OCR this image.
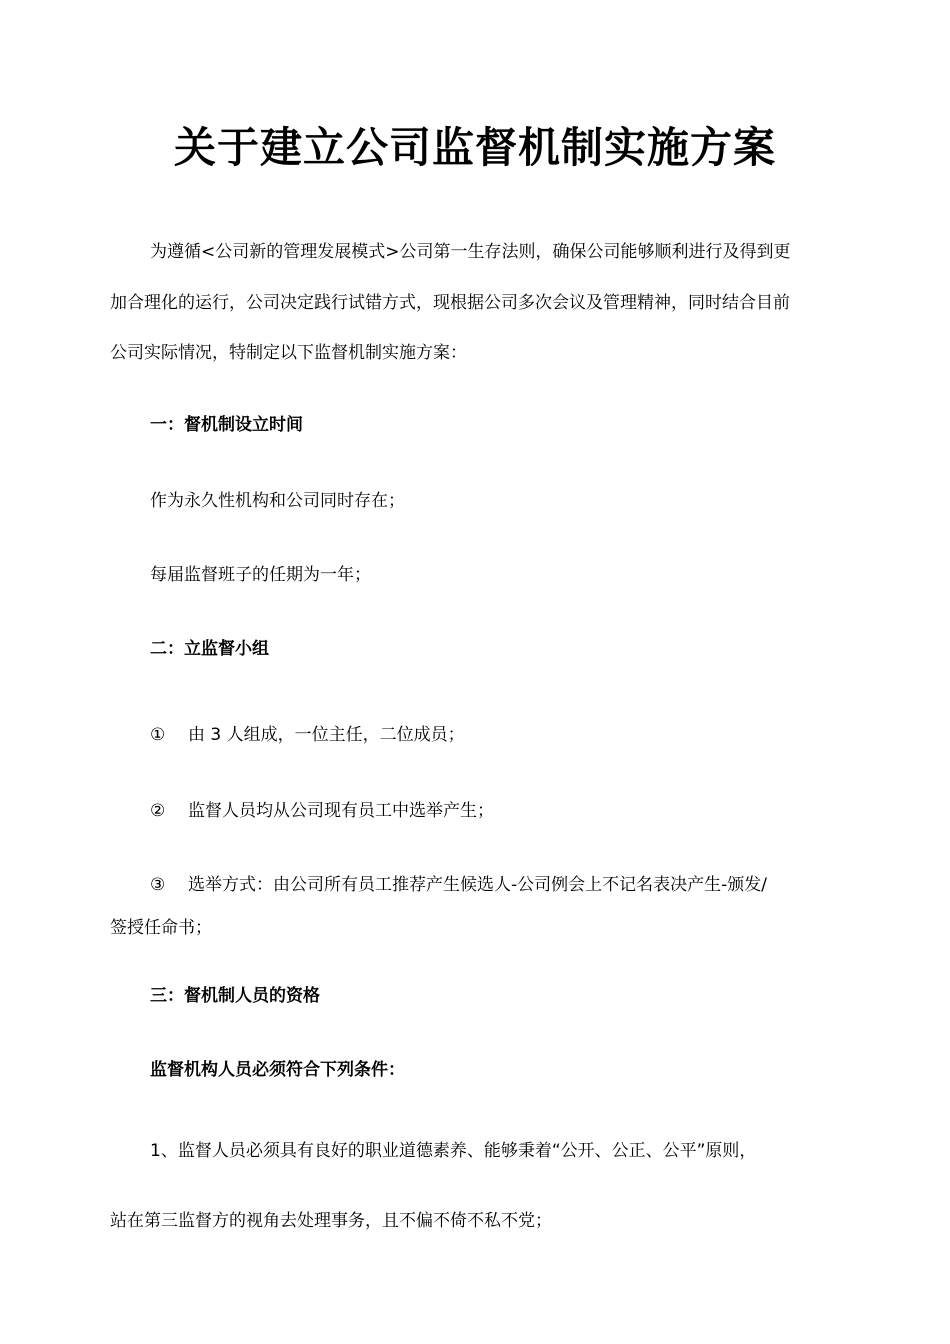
关于建立公司监督机制实施方案
为遵循<公司新的管理发展模式>公司第一生存法则，确保公司能够顺利进行及得到更
加合理化的运行，公司决定践行试错方式，现根据公司多次会议及管理精神，同时结合目前
公司实际情况，特制定以下监督机制实施方案：
一：督机制设立时间
作为永久性机构和公司同时存在；
每届监督班子的任期为一年；
二：立监督小组
① 由 3 人组成，一位主任，二位成员；
② 监督人员均从公司现有员工中选举产生；
③ 选举方式：由公司所有员工推荐产生候选人-公司例会上不记名表决产生-颁发/
签授任命书；
三：督机制人员的资格
监督机构人员必须符合下列条件：
1、监督人员必须具有良好的职业道德素养、能够秉着“公开、公正、公平”原则，
站在第三监督方的视角去处理事务，且不偏不倚不私不党；
